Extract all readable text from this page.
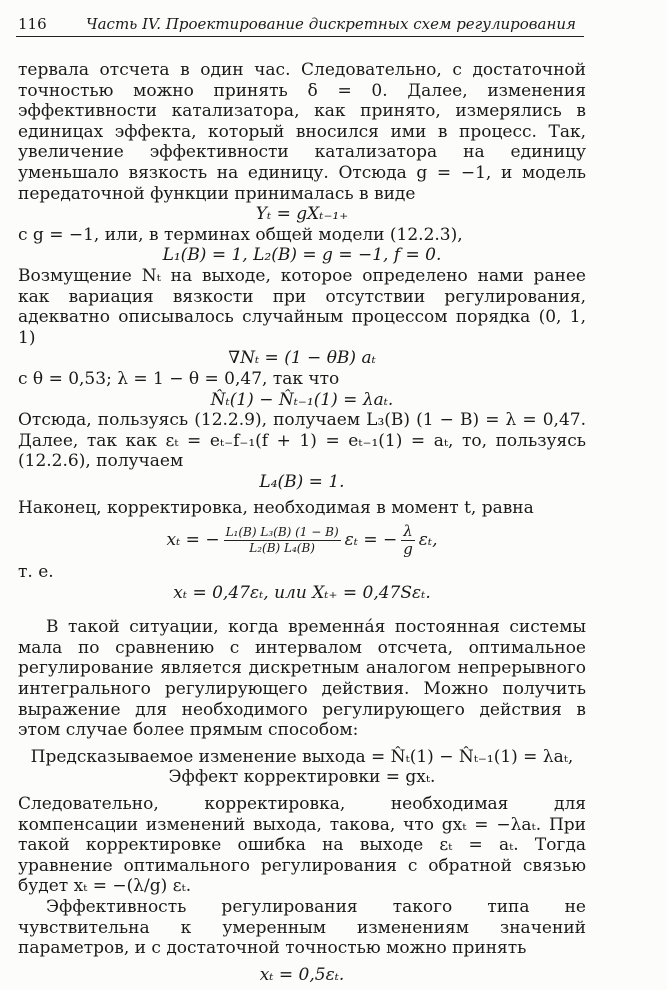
116	Часть IV. Проектирование дискретных схем регулирования

тервала отсчета в один час. Следовательно, с достаточной точностью можно принять δ = 0. Далее, изменения эффективности катализатора, как принято, измерялись в единицах эффекта, который вносился ими в процесс. Так, увеличение эффективности катализатора на единицу уменьшало вязкость на единицу. Отсюда g = −1, и модель передаточной функции принималась в виде

Yₜ = gXₜ₋₁₊

с g = −1, или, в терминах общей модели (12.2.3),

L₁(B) = 1, L₂(B) = g = −1, f = 0.

Возмущение Nₜ на выходе, которое определено нами ранее как вариация вязкости при отсутствии регулирования, адекватно описывалось случайным процессом порядка (0, 1, 1)

∇Nₜ = (1 − θB) aₜ

с θ = 0,53; λ = 1 − θ = 0,47, так что

N̂ₜ(1) − N̂ₜ₋₁(1) = λaₜ.

Отсюда, пользуясь (12.2.9), получаем L₃(B) (1 − B) = λ = 0,47. Далее, так как εₜ = eₜ₋f₋₁(f + 1) = eₜ₋₁(1) = aₜ, то, пользуясь (12.2.6), получаем

L₄(B) = 1.

Наконец, корректировка, необходимая в момент t, равна

xₜ = − $\frac{\text{L₁(B) L₃(B) (1 − B)}}{\text{L₂(B) L₄(B)}}$ εₜ = − $\frac{\lambda}{g} \varepsilon_t$,

т. е.

xₜ = 0,47εₜ, или Xₜ₊ = 0,47Sεₜ.

В такой ситуации, когда временна́я постоянная системы мала по сравнению с интервалом отсчета, оптимальное регулирование является дискретным аналогом непрерывного интегрального регулирующего действия. Можно получить выражение для необходимого регулирующего действия в этом случае более прямым способом:

Предсказываемое изменение выхода = N̂ₜ(1) − N̂ₜ₋₁(1) = λaₜ,

Эффект корректировки = gxₜ.

Следовательно, корректировка, необходимая для компенсации изменений выхода, такова, что gxₜ = −λaₜ. При такой корректировке ошибка на выходе εₜ = aₜ. Тогда уравнение оптимального регулирования с обратной связью будет xₜ = −(λ/g) εₜ.

Эффективность регулирования такого типа не чувствительна к умеренным изменениям значений параметров, и с достаточной точностью можно принять

xₜ = 0,5εₜ.
